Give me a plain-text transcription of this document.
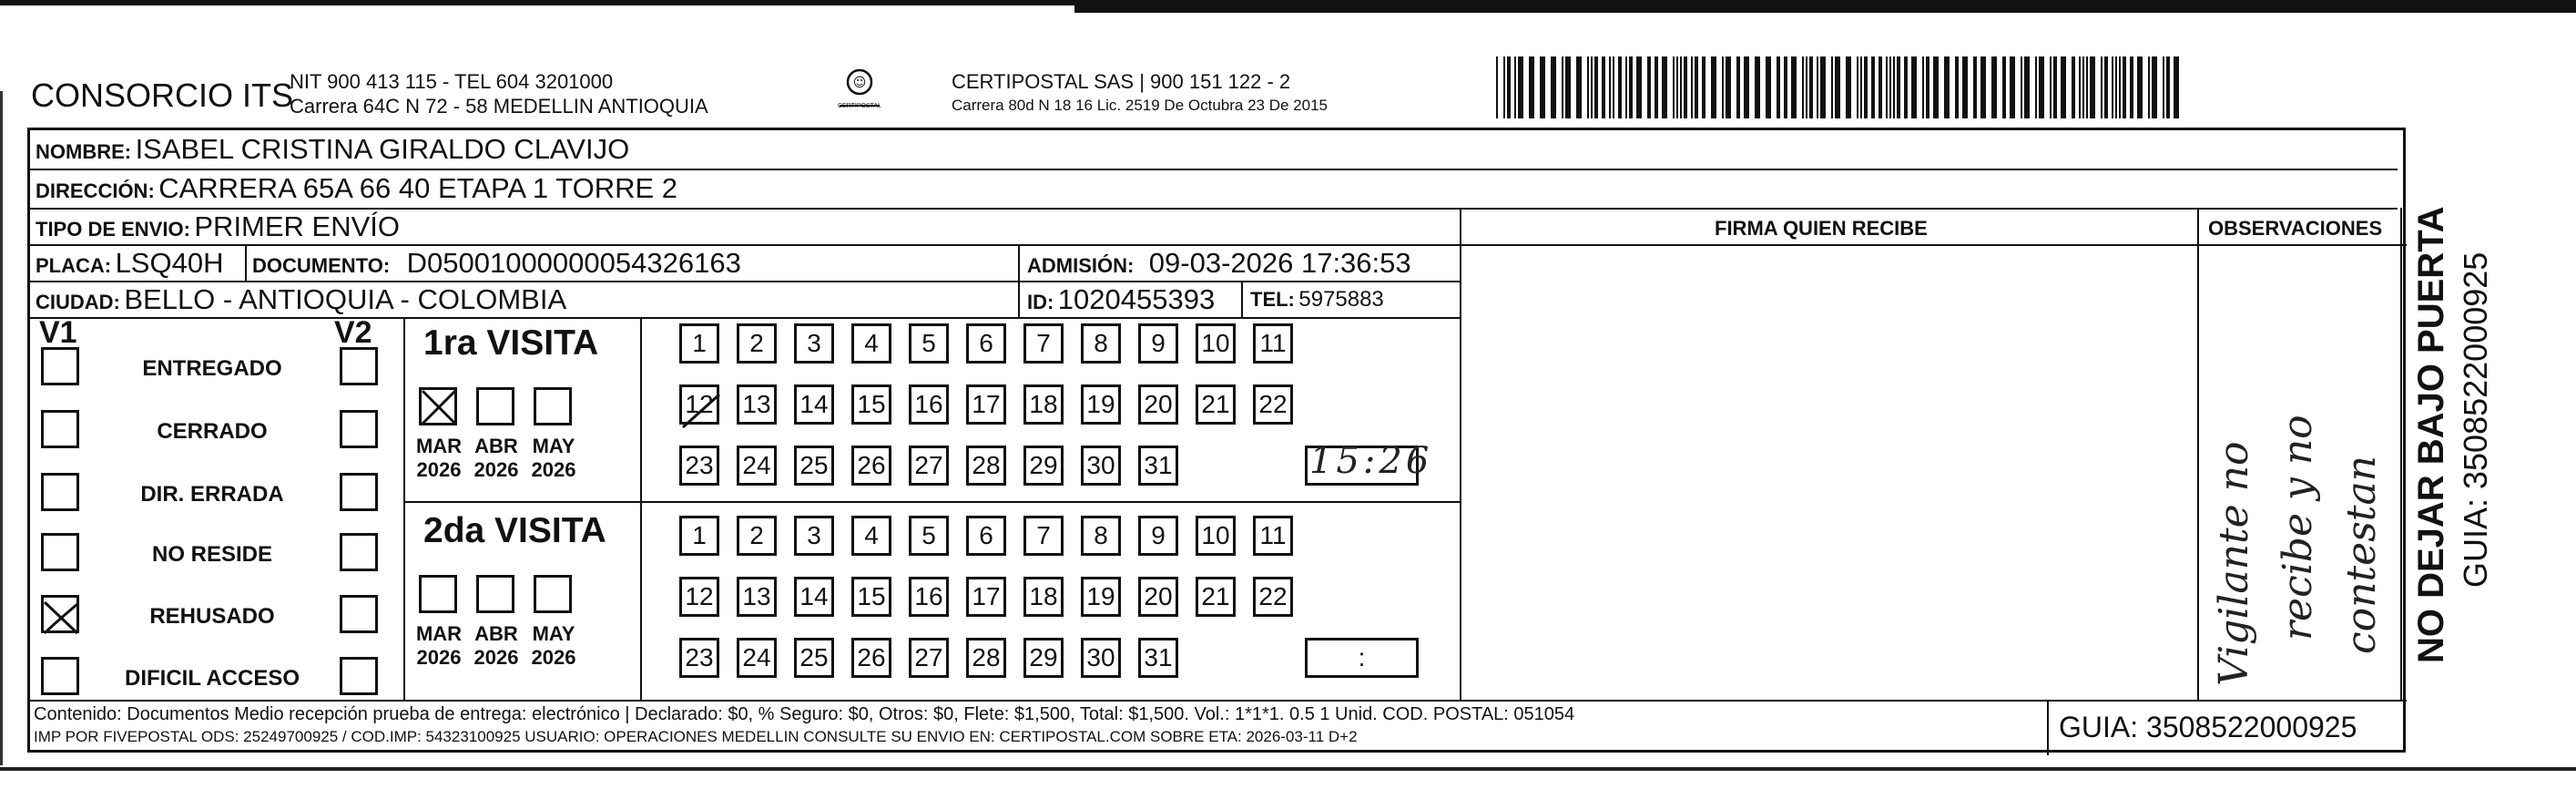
CONSORCIO ITS
NIT 900 413 115 - TEL 604 3201000
Carrera 64C N 72 - 58 MEDELLIN ANTIOQUIA
☺
CERTIPOSTAL
CERTIPOSTAL SAS | 900 151 122 - 2
Carrera 80d N 18 16 Lic. 2519 De Octubra 23 De 2015
NOMBRE: ISABEL CRISTINA GIRALDO CLAVIJO
DIRECCIÓN: CARRERA 65A 66 40 ETAPA 1 TORRE 2
TIPO DE ENVIO: PRIMER ENVÍO	FIRMA QUIEN RECIBE	OBSERVACIONES
PLACA: LSQ40H DOCUMENTO: D05001000000054326163	ADMISIÓN: 09-03-2026 17:36:53
CIUDAD: BELLO - ANTIOQUIA - COLOMBIA	ID: 1020455393 TEL: 5975883
V1	V2
ENTREGADO
CERRADO
DIR. ERRADA
NO RESIDE
REHUSADO
DIFICIL ACCESO
1ra VISITA
MAR
2026
ABR
2026
MAY
2026
1	2	3	4	5	6	7	8	9	10 11
12 13 14 15 16 17 18 19 20 21 22
23 24 25 26 27 28 29 30 31	15:26
2da VISITA
MAR
2026
ABR
2026
MAY
2026
1	2	3	4	5	6	7	8	9	10 11
12 13 14 15 16 17 18 19 20 21 22
23 24 25 26 27 28 29 30 31	:	Vigilante no recibe y no contestan
Contenido: Documentos Medio recepción prueba de entrega: electrónico | Declarado: $0, % Seguro: $0, Otros: $0, Flete: $1,500, Total: $1,500. Vol.: 1*1*1. 0.5 1 Unid. COD. POSTAL: 051054
IMP POR FIVEPOSTAL ODS: 25249700925 / COD.IMP: 54323100925 USUARIO: OPERACIONES MEDELLIN CONSULTE SU ENVIO EN: CERTIPOSTAL.COM SOBRE ETA: 2026-03-11 D+2	GUIA: 3508522000925
NO DEJAR BAJO PUERTA GUIA: 3508522000925
